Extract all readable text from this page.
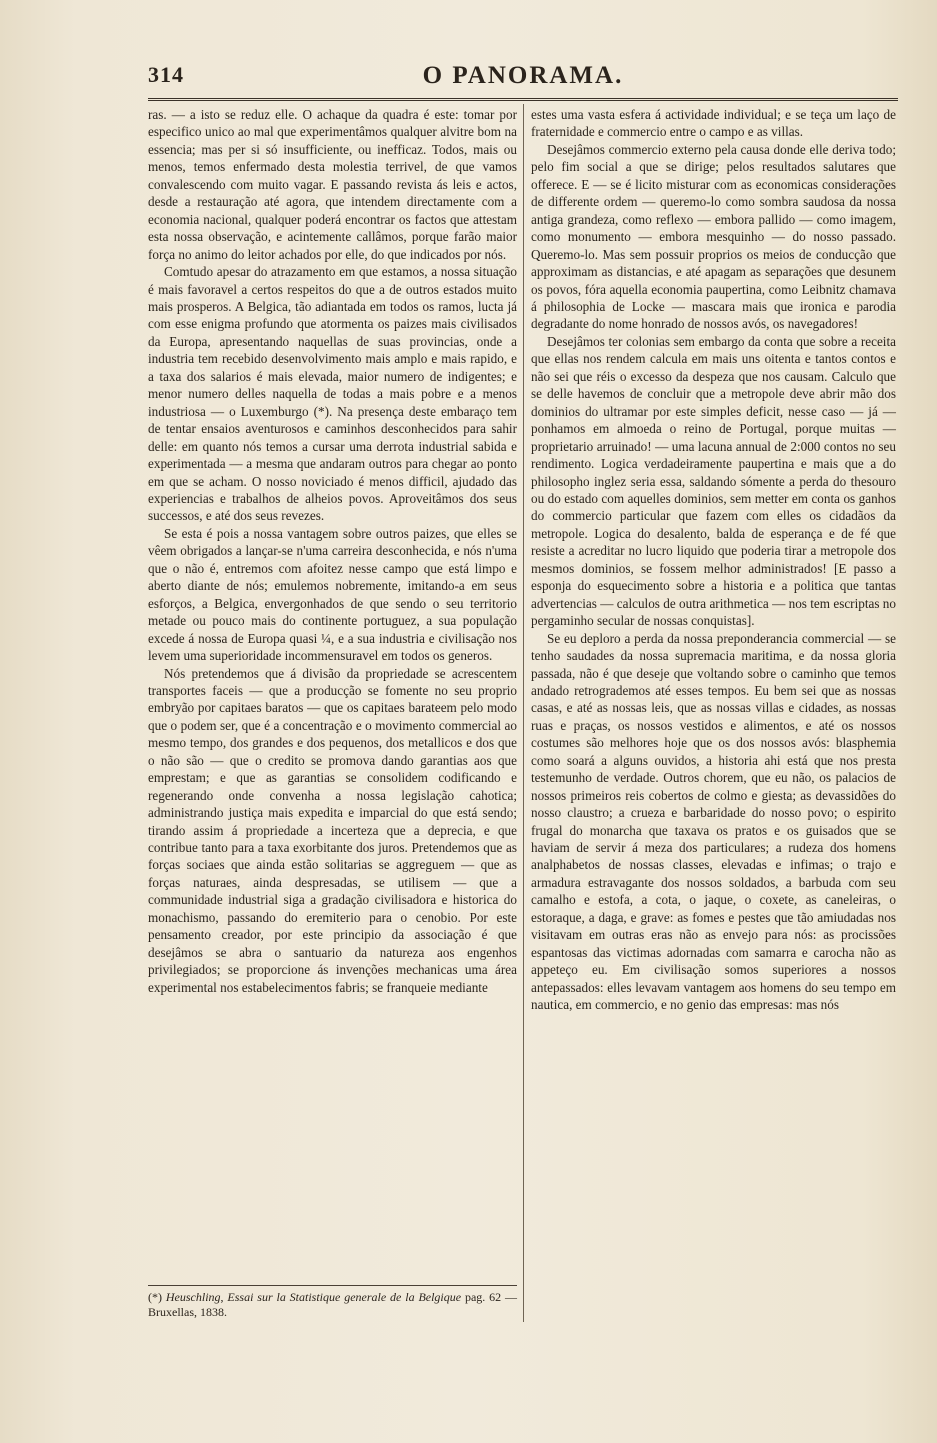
314	O PANORAMA.

ras. — a isto se reduz elle. O achaque da quadra é este: tomar por especifico unico ao mal que experimentâmos qualquer alvitre bom na essencia; mas per si só insufficiente, ou inefficaz. Todos, mais ou menos, temos enfermado desta molestia terrivel, de que vamos convalescendo com muito vagar. E passando revista ás leis e actos, desde a restauração até agora, que intendem directamente com a economia nacional, qualquer poderá encontrar os factos que attestam esta nossa observação, e acintemente callâmos, porque farão maior força no animo do leitor achados por elle, do que indicados por nós.

Comtudo apesar do atrazamento em que estamos, a nossa situação é mais favoravel a certos respeitos do que a de outros estados muito mais prosperos. A Belgica, tão adiantada em todos os ramos, lucta já com esse enigma profundo que atormenta os paizes mais civilisados da Europa, apresentando naquellas de suas provincias, onde a industria tem recebido desenvolvimento mais amplo e mais rapido, e a taxa dos salarios é mais elevada, maior numero de indigentes; e menor numero delles naquella de todas a mais pobre e a menos industriosa — o Luxemburgo (*). Na presença deste embaraço tem de tentar ensaios aventurosos e caminhos desconhecidos para sahir delle: em quanto nós temos a cursar uma derrota industrial sabida e experimentada — a mesma que andaram outros para chegar ao ponto em que se acham. O nosso noviciado é menos difficil, ajudado das experiencias e trabalhos de alheios povos. Aproveitâmos dos seus successos, e até dos seus revezes.

Se esta é pois a nossa vantagem sobre outros paizes, que elles se vêem obrigados a lançar-se n'uma carreira desconhecida, e nós n'uma que o não é, entremos com afoitez nesse campo que está limpo e aberto diante de nós; emulemos nobremente, imitando-a em seus esforços, a Belgica, envergonhados de que sendo o seu territorio metade ou pouco mais do continente portuguez, a sua população excede á nossa de Europa quasi ¼, e a sua industria e civilisação nos levem uma superioridade incommensuravel em todos os generos.

Nós pretendemos que á divisão da propriedade se acrescentem transportes faceis — que a producção se fomente no seu proprio embryão por capitaes baratos — que os capitaes barateem pelo modo que o podem ser, que é a concentração e o movimento commercial ao mesmo tempo, dos grandes e dos pequenos, dos metallicos e dos que o não são — que o credito se promova dando garantias aos que emprestam; e que as garantias se consolidem codificando e regenerando onde convenha a nossa legislação cahotica; administrando justiça mais expedita e imparcial do que está sendo; tirando assim á propriedade a incerteza que a deprecia, e que contribue tanto para a taxa exorbitante dos juros. Pretendemos que as forças sociaes que ainda estão solitarias se aggreguem — que as forças naturaes, ainda despresadas, se utilisem — que a communidade industrial siga a gradação civilisadora e historica do monachismo, passando do eremiterio para o cenobio. Por este pensamento creador, por este principio da associação é que desejâmos se abra o santuario da natureza aos engenhos privilegiados; se proporcione ás invenções mechanicas uma área experimental nos estabelecimentos fabris; se franqueie mediante

(*) Heuschling, Essai sur la Statistique generale de la Belgique pag. 62 — Bruxellas, 1838.

estes uma vasta esfera á actividade individual; e se teça um laço de fraternidade e commercio entre o campo e as villas.

Desejâmos commercio externo pela causa donde elle deriva todo; pelo fim social a que se dirige; pelos resultados salutares que offerece. E — se é licito misturar com as economicas considerações de differente ordem — queremo-lo como sombra saudosa da nossa antiga grandeza, como reflexo — embora pallido — como imagem, como monumento — embora mesquinho — do nosso passado. Queremo-lo. Mas sem possuir proprios os meios de conducção que approximam as distancias, e até apagam as separações que desunem os povos, fóra aquella economia paupertina, como Leibnitz chamava á philosophia de Locke — mascara mais que ironica e parodia degradante do nome honrado de nossos avós, os navegadores!

Desejâmos ter colonias sem embargo da conta que sobre a receita que ellas nos rendem calcula em mais uns oitenta e tantos contos e não sei que réis o excesso da despeza que nos causam. Calculo que se delle havemos de concluir que a metropole deve abrir mão dos dominios do ultramar por este simples deficit, nesse caso — já — ponhamos em almoeda o reino de Portugal, porque muitas — proprietario arruinado! — uma lacuna annual de 2:000 contos no seu rendimento. Logica verdadeiramente paupertina e mais que a do philosopho inglez seria essa, saldando sómente a perda do thesouro ou do estado com aquelles dominios, sem metter em conta os ganhos do commercio particular que fazem com elles os cidadãos da metropole. Logica do desalento, balda de esperança e de fé que resiste a acreditar no lucro liquido que poderia tirar a metropole dos mesmos dominios, se fossem melhor administrados! [E passo a esponja do esquecimento sobre a historia e a politica que tantas advertencias — calculos de outra arithmetica — nos tem escriptas no pergaminho secular de nossas conquistas].

Se eu deploro a perda da nossa preponderancia commercial — se tenho saudades da nossa supremacia maritima, e da nossa gloria passada, não é que deseje que voltando sobre o caminho que temos andado retrogrademos até esses tempos. Eu bem sei que as nossas casas, e até as nossas leis, que as nossas villas e cidades, as nossas ruas e praças, os nossos vestidos e alimentos, e até os nossos costumes são melhores hoje que os dos nossos avós: blasphemia como soará a alguns ouvidos, a historia ahi está que nos presta testemunho de verdade. Outros chorem, que eu não, os palacios de nossos primeiros reis cobertos de colmo e giesta; as devassidões do nosso claustro; a crueza e barbaridade do nosso povo; o espirito frugal do monarcha que taxava os pratos e os guisados que se haviam de servir á meza dos particulares; a rudeza dos homens analphabetos de nossas classes, elevadas e infimas; o trajo e armadura estravagante dos nossos soldados, a barbuda com seu camalho e estofa, a cota, o jaque, o coxete, as caneleiras, o estoraque, a daga, e grave: as fomes e pestes que tão amiudadas nos visitavam em outras eras não as envejo para nós: as procissões espantosas das victimas adornadas com samarra e carocha não as appeteço eu. Em civilisação somos superiores a nossos antepassados: elles levavam vantagem aos homens do seu tempo em nautica, em commercio, e no genio das empresas: mas nós
